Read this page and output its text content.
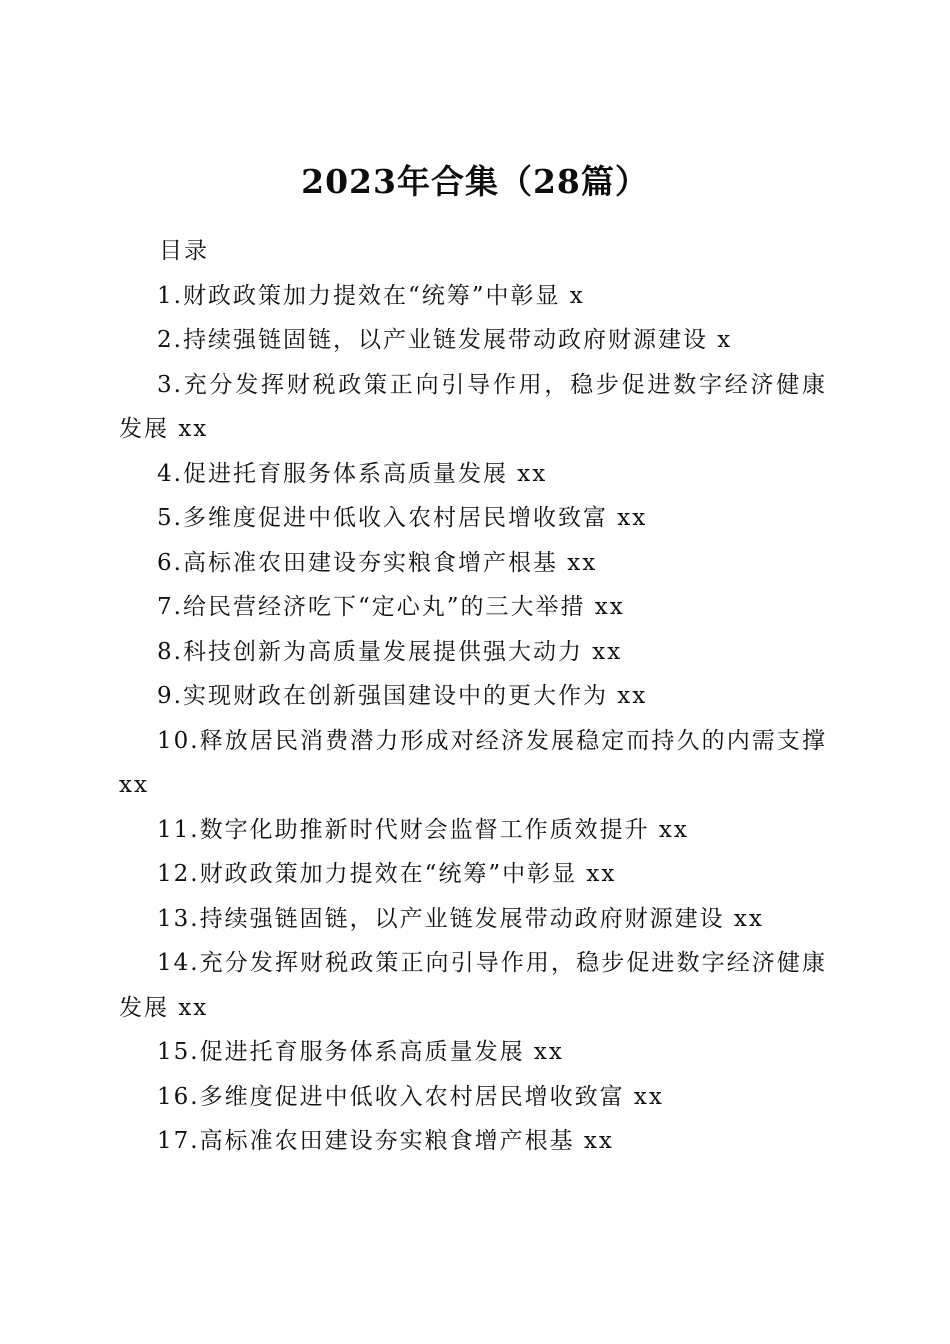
2023年合集（28篇）

目录

1.财政政策加力提效在“统筹”中彰显 x
2.持续强链固链，以产业链发展带动政府财源建设 x
3.充分发挥财税政策正向引导作用，稳步促进数字经济健康发展 xx
4.促进托育服务体系高质量发展 xx
5.多维度促进中低收入农村居民增收致富 xx
6.高标准农田建设夯实粮食增产根基 xx
7.给民营经济吃下“定心丸”的三大举措 xx
8.科技创新为高质量发展提供强大动力 xx
9.实现财政在创新强国建设中的更大作为 xx
10.释放居民消费潜力形成对经济发展稳定而持久的内需支撑 xx
11.数字化助推新时代财会监督工作质效提升 xx
12.财政政策加力提效在“统筹”中彰显 xx
13.持续强链固链，以产业链发展带动政府财源建设 xx
14.充分发挥财税政策正向引导作用，稳步促进数字经济健康发展 xx
15.促进托育服务体系高质量发展 xx
16.多维度促进中低收入农村居民增收致富 xx
17.高标准农田建设夯实粮食增产根基 xx
